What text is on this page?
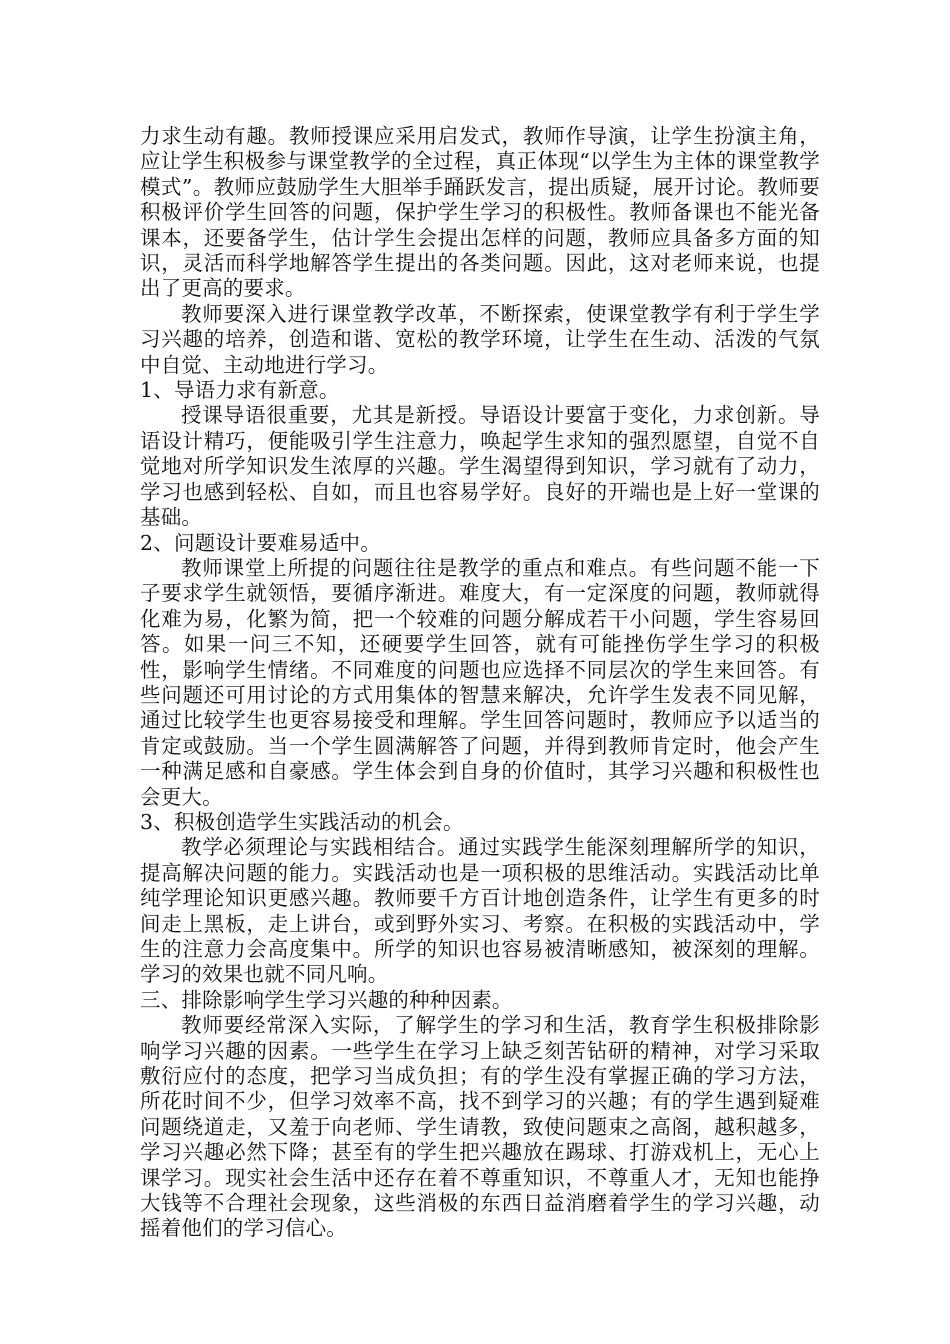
力求生动有趣。教师授课应采用启发式，教师作导演，让学生扮演主角，应让学生积极参与课堂教学的全过程，真正体现“以学生为主体的课堂教学模式”。教师应鼓励学生大胆举手踊跃发言，提出质疑，展开讨论。教师要积极评价学生回答的问题，保护学生学习的积极性。教师备课也不能光备课本，还要备学生，估计学生会提出怎样的问题，教师应具备多方面的知识，灵活而科学地解答学生提出的各类问题。因此，这对老师来说，也提出了更高的要求。

教师要深入进行课堂教学改革，不断探索，使课堂教学有利于学生学习兴趣的培养，创造和谐、宽松的教学环境，让学生在生动、活泼的气氛中自觉、主动地进行学习。

1、导语力求有新意。

授课导语很重要，尤其是新授。导语设计要富于变化，力求创新。导语设计精巧，便能吸引学生注意力，唤起学生求知的强烈愿望，自觉不自觉地对所学知识发生浓厚的兴趣。学生渴望得到知识，学习就有了动力，学习也感到轻松、自如，而且也容易学好。良好的开端也是上好一堂课的基础。

2、问题设计要难易适中。

教师课堂上所提的问题往往是教学的重点和难点。有些问题不能一下子要求学生就领悟，要循序渐进。难度大，有一定深度的问题，教师就得化难为易，化繁为简，把一个较难的问题分解成若干小问题，学生容易回答。如果一问三不知，还硬要学生回答，就有可能挫伤学生学习的积极性，影响学生情绪。不同难度的问题也应选择不同层次的学生来回答。有些问题还可用讨论的方式用集体的智慧来解决，允许学生发表不同见解，通过比较学生也更容易接受和理解。学生回答问题时，教师应予以适当的肯定或鼓励。当一个学生圆满解答了问题，并得到教师肯定时，他会产生一种满足感和自豪感。学生体会到自身的价值时，其学习兴趣和积极性也会更大。

3、积极创造学生实践活动的机会。

教学必须理论与实践相结合。通过实践学生能深刻理解所学的知识，提高解决问题的能力。实践活动也是一项积极的思维活动。实践活动比单纯学理论知识更感兴趣。教师要千方百计地创造条件，让学生有更多的时间走上黑板，走上讲台，或到野外实习、考察。在积极的实践活动中，学生的注意力会高度集中。所学的知识也容易被清晰感知，被深刻的理解。学习的效果也就不同凡响。

三、排除影响学生学习兴趣的种种因素。

教师要经常深入实际，了解学生的学习和生活，教育学生积极排除影响学习兴趣的因素。一些学生在学习上缺乏刻苦钻研的精神，对学习采取敷衍应付的态度，把学习当成负担；有的学生没有掌握正确的学习方法，所花时间不少，但学习效率不高，找不到学习的兴趣；有的学生遇到疑难问题绕道走，又羞于向老师、学生请教，致使问题束之高阁，越积越多，学习兴趣必然下降；甚至有的学生把兴趣放在踢球、打游戏机上，无心上课学习。现实社会生活中还存在着不尊重知识，不尊重人才，无知也能挣大钱等不合理社会现象，这些消极的东西日益消磨着学生的学习兴趣，动摇着他们的学习信心。
